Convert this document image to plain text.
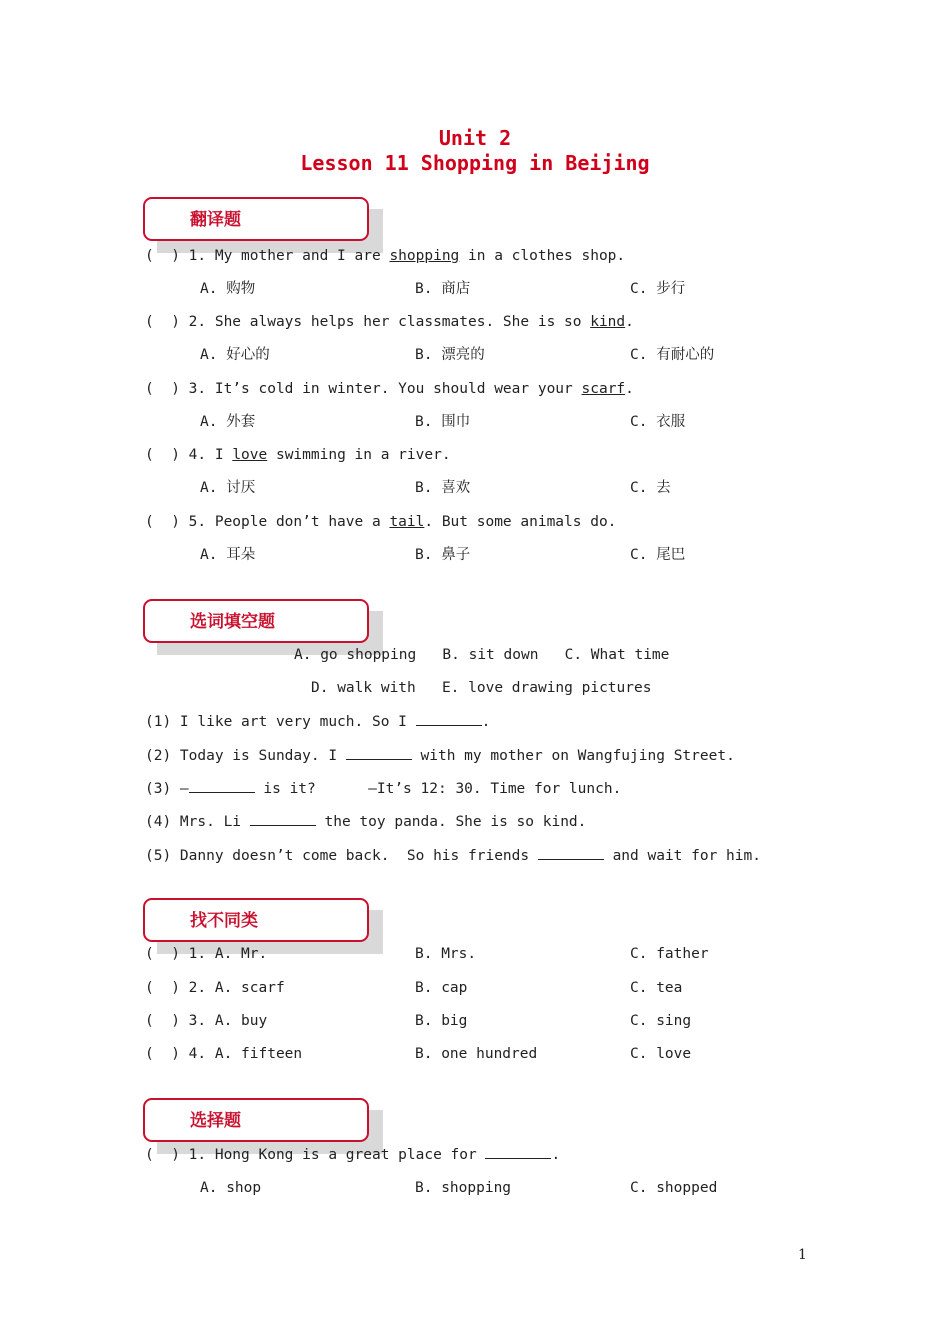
Unit 2
Lesson 11 Shopping in Beijing
翻译题
(  ) 1. My mother and I are shopping in a clothes shop.
A. 购物	B. 商店	C. 步行
(  ) 2. She always helps her classmates. She is so kind.
A. 好心的	B. 漂亮的	C. 有耐心的
(  ) 3. It’s cold in winter. You should wear your scarf.
A. 外套	B. 围巾	C. 衣服
(  ) 4. I love swimming in a river.
A. 讨厌	B. 喜欢	C. 去
(  ) 5. People don’t have a tail. But some animals do.
A. 耳朵	B. 鼻子	C. 尾巴
选词填空题
A. go shopping   B. sit down   C. What time
D. walk with   E. love drawing pictures
(1) I like art very much. So I	.
(2) Today is Sunday. I	with my mother on Wangfujing Street.
(3) —	is it?      —It’s 12: 30. Time for lunch.
(4) Mrs. Li	the toy panda. She is so kind.
(5) Danny doesn’t come back.  So his friends	and wait for him.
找不同类
(  ) 1. A. Mr.	B. Mrs.	C. father
(  ) 2. A. scarf	B. cap	C. tea
(  ) 3. A. buy	B. big	C. sing
(  ) 4. A. fifteen	B. one hundred	C. love
选择题
(  ) 1. Hong Kong is a great place for	.
A. shop	B. shopping	C. shopped
1
